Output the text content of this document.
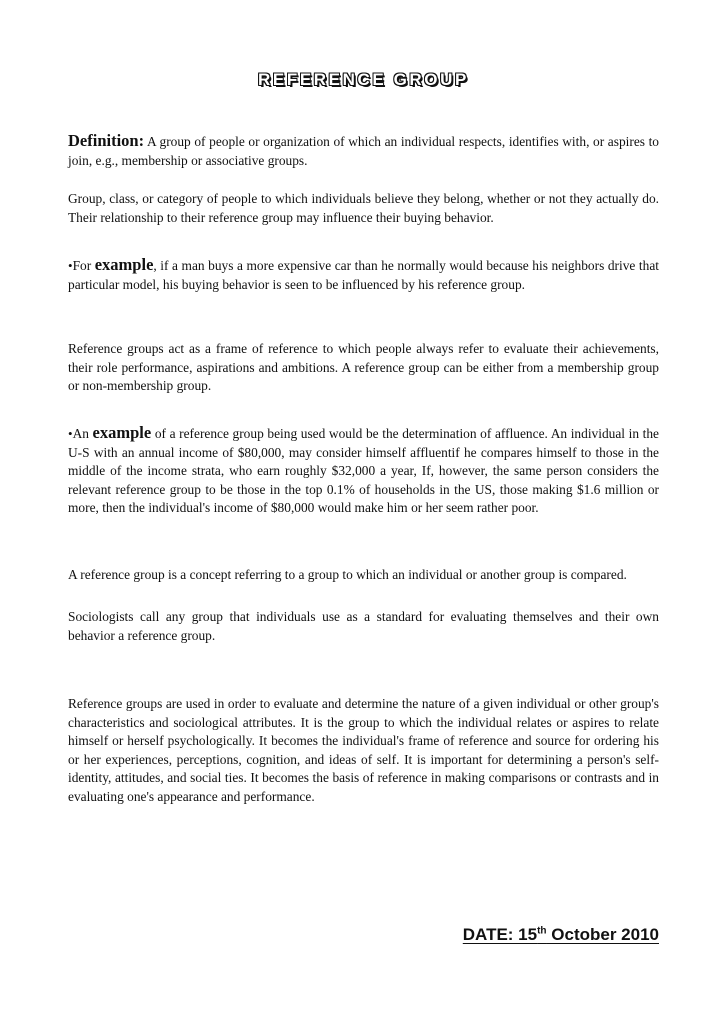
REFERENCE GROUP

Definition: A group of people or organization of which an individual respects, identifies with, or aspires to join, e.g., membership or associative groups.

Group, class, or category of people to which individuals believe they belong, whether or not they actually do. Their relationship to their reference group may influence their buying behavior.

•For example, if a man buys a more expensive car than he normally would because his neighbors drive that particular model, his buying behavior is seen to be influenced by his reference group.

Reference groups act as a frame of reference to which people always refer to evaluate their achievements, their role performance, aspirations and ambitions. A reference group can be either from a membership group or non-membership group.

•An example of a reference group being used would be the determination of affluence. An individual in the U-S with an annual income of $80,000, may consider himself affluentif he compares himself to those in the middle of the income strata, who earn roughly $32,000 a year, If, however, the same person considers the relevant reference group to be those in the top 0.1% of households in the US, those making $1.6 million or more, then the individual's income of $80,000 would make him or her seem rather poor.

A reference group is a concept referring to a group to which an individual or another group is compared.

Sociologists call any group that individuals use as a standard for evaluating themselves and their own behavior a reference group.

Reference groups are used in order to evaluate and determine the nature of a given individual or other group's characteristics and sociological attributes. It is the group to which the individual relates or aspires to relate himself or herself psychologically. It becomes the individual's frame of reference and source for ordering his or her experiences, perceptions, cognition, and ideas of self. It is important for determining a person's self-identity, attitudes, and social ties. It becomes the basis of reference in making comparisons or contrasts and in evaluating one's appearance and performance.

DATE: 15th October 2010
